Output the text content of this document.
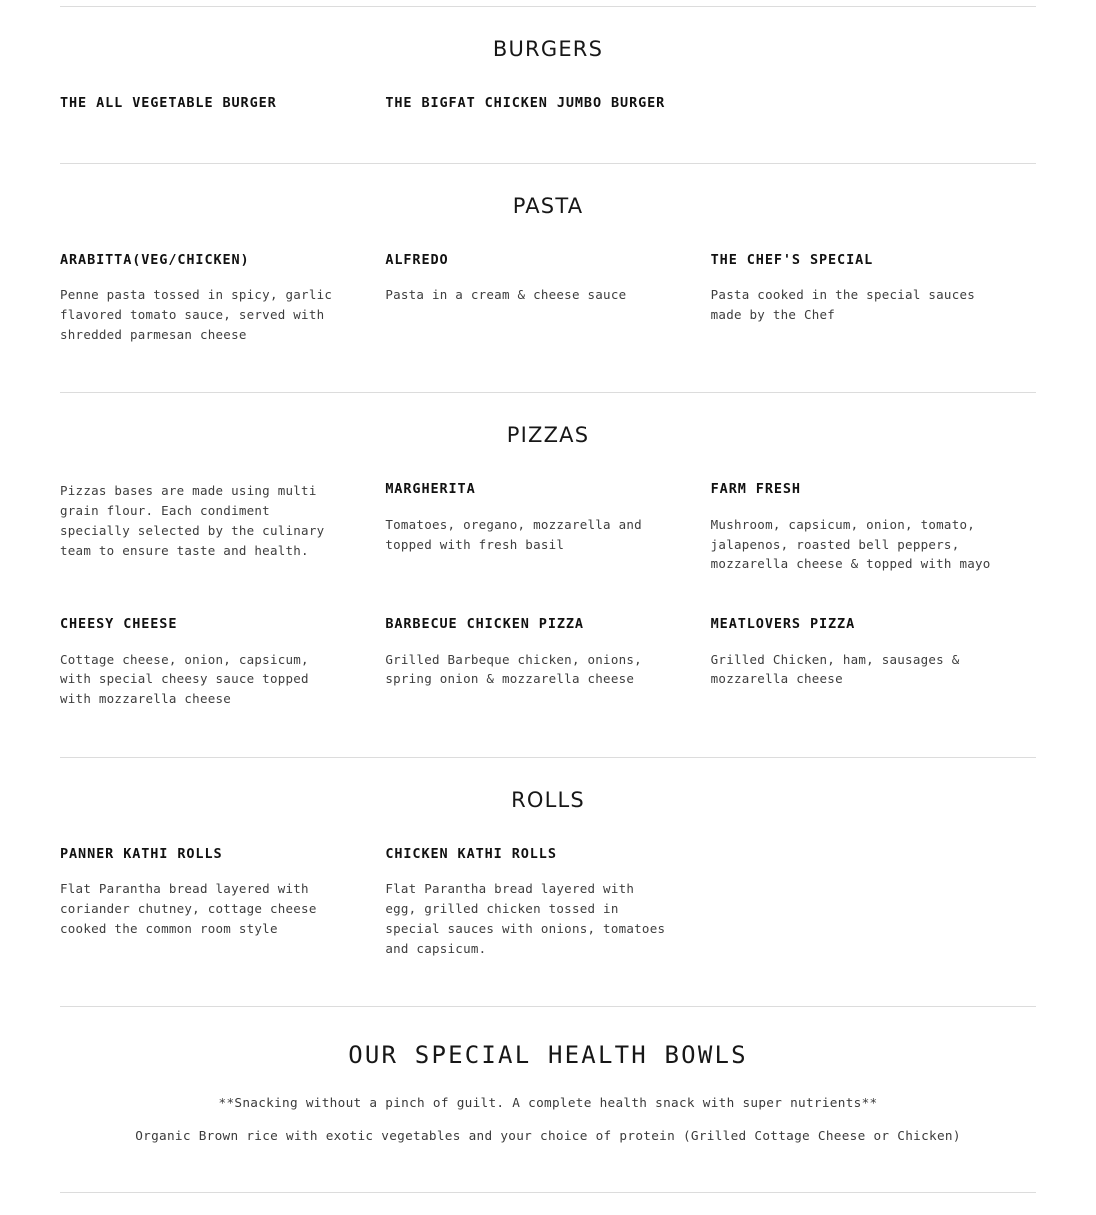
BURGERS
THE ALL VEGETABLE BURGER	THE BIGFAT CHICKEN JUMBO BURGER
PASTA
ARABITTA(VEG/CHICKEN)
Penne pasta tossed in spicy, garlic flavored tomato sauce, served with shredded parmesan cheese
ALFREDO
Pasta in a cream & cheese sauce
THE CHEF'S SPECIAL
Pasta cooked in the special sauces made by the Chef
PIZZAS
Pizzas bases are made using multi grain flour. Each condiment specially selected by the culinary team to ensure taste and health.
MARGHERITA
Tomatoes, oregano, mozzarella and topped with fresh basil
FARM FRESH
Mushroom, capsicum, onion, tomato, jalapenos, roasted bell peppers, mozzarella cheese & topped with mayo
CHEESY CHEESE
Cottage cheese, onion, capsicum, with special cheesy sauce topped with mozzarella cheese
BARBECUE CHICKEN PIZZA
Grilled Barbeque chicken, onions, spring onion & mozzarella cheese
MEATLOVERS PIZZA
Grilled Chicken, ham, sausages & mozzarella cheese
ROLLS
PANNER KATHI ROLLS
Flat Parantha bread layered with coriander chutney, cottage cheese cooked the common room style
CHICKEN KATHI ROLLS
Flat Parantha bread layered with egg, grilled chicken tossed in special sauces with onions, tomatoes and capsicum.
OUR SPECIAL HEALTH BOWLS
**Snacking without a pinch of guilt. A complete health snack with super nutrients**
Organic Brown rice with exotic vegetables and your choice of protein (Grilled Cottage Cheese or Chicken)
